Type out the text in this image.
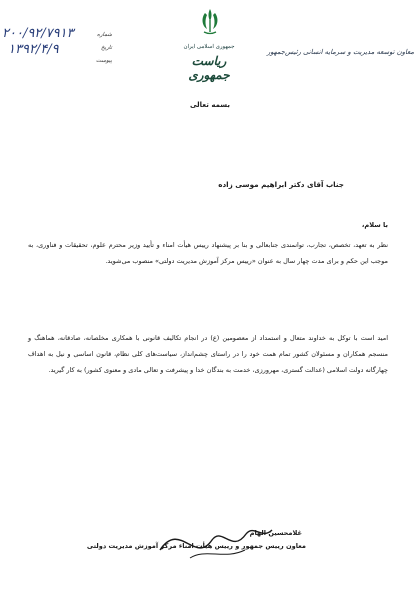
جمهوری اسلامی ایران
ریاست جمهوری
معاون توسعه مدیریت و سرمایه انسانی رئیس‌جمهور
شماره
تاریخ
پیوست
۲۰۰/۹۲/۷۹۱۳
۱۳۹۲/۴/۹
بسمه تعالی
جناب آقای دکتر ابراهیم موسی زاده
با سلام،
نظر به تعهد، تخصص، تجارب، توانمندی جنابعالی و بنا بر پیشنهاد رییس هیأت امناء و تأیید وزیر محترم علوم، تحقیقات و فناوری، به موجب این حکم و برای مدت چهار سال به عنوان «رییس مرکز آموزش مدیریت دولتی» منصوب می‌شوید.
امید است با توکل به خداوند متعال و استمداد از معصومین (ع) در انجام تکالیف قانونی با همکاری مخلصانه، صادقانه، هماهنگ و منسجم همکاران و مسئولان کشور تمام همت خود را در راستای چشم‌انداز، سیاست‌های کلی نظام، قانون اساسی و نیل به اهداف چهارگانه دولت اسلامی (عدالت گستری، مهرورزی، خدمت به بندگان خدا و پیشرفت و تعالی مادی و معنوی کشور) به کار گیرید.
غلامحسین الهام
معاون رییس جمهور و رییس هیأت امناء مرکز آموزش مدیریت دولتی
